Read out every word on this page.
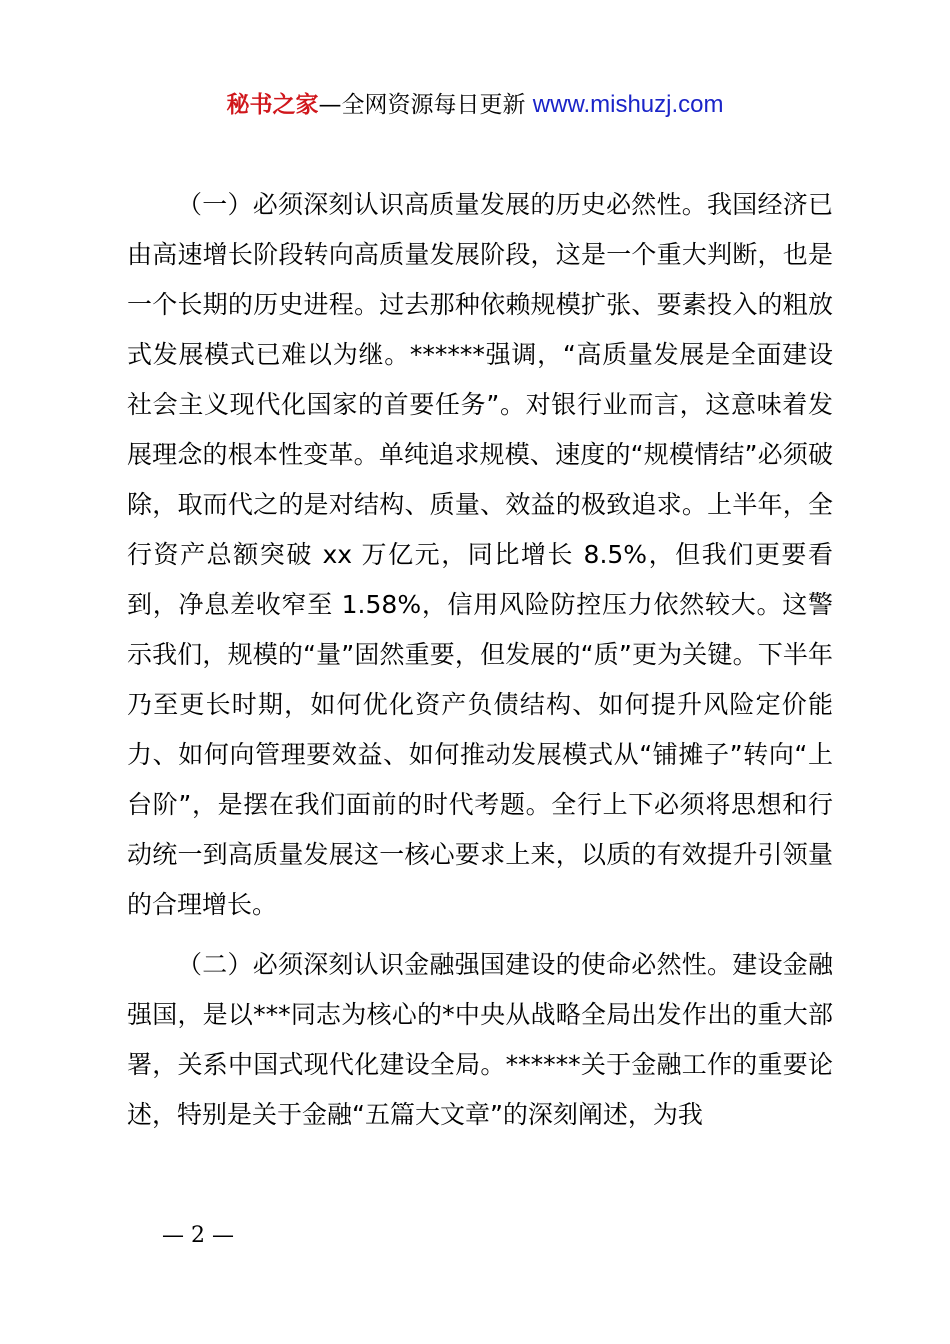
秘书之家—全网资源每日更新 www.mishuzj.com

（一）必须深刻认识高质量发展的历史必然性。我国经济已由高速增长阶段转向高质量发展阶段，这是一个重大判断，也是一个长期的历史进程。过去那种依赖规模扩张、要素投入的粗放式发展模式已难以为继。******强调，“高质量发展是全面建设社会主义现代化国家的首要任务”。对银行业而言，这意味着发展理念的根本性变革。单纯追求规模、速度的“规模情结”必须破除，取而代之的是对结构、质量、效益的极致追求。上半年，全行资产总额突破 xx 万亿元，同比增长 8.5%，但我们更要看到，净息差收窄至 1.58%，信用风险防控压力依然较大。这警示我们，规模的“量”固然重要，但发展的“质”更为关键。下半年乃至更长时期，如何优化资产负债结构、如何提升风险定价能力、如何向管理要效益、如何推动发展模式从“铺摊子”转向“上台阶”，是摆在我们面前的时代考题。全行上下必须将思想和行动统一到高质量发展这一核心要求上来，以质的有效提升引领量的合理增长。

（二）必须深刻认识金融强国建设的使命必然性。建设金融强国，是以***同志为核心的*中央从战略全局出发作出的重大部署，关系中国式现代化建设全局。******关于金融工作的重要论述，特别是关于金融“五篇大文章”的深刻阐述，为我

— 2 —
